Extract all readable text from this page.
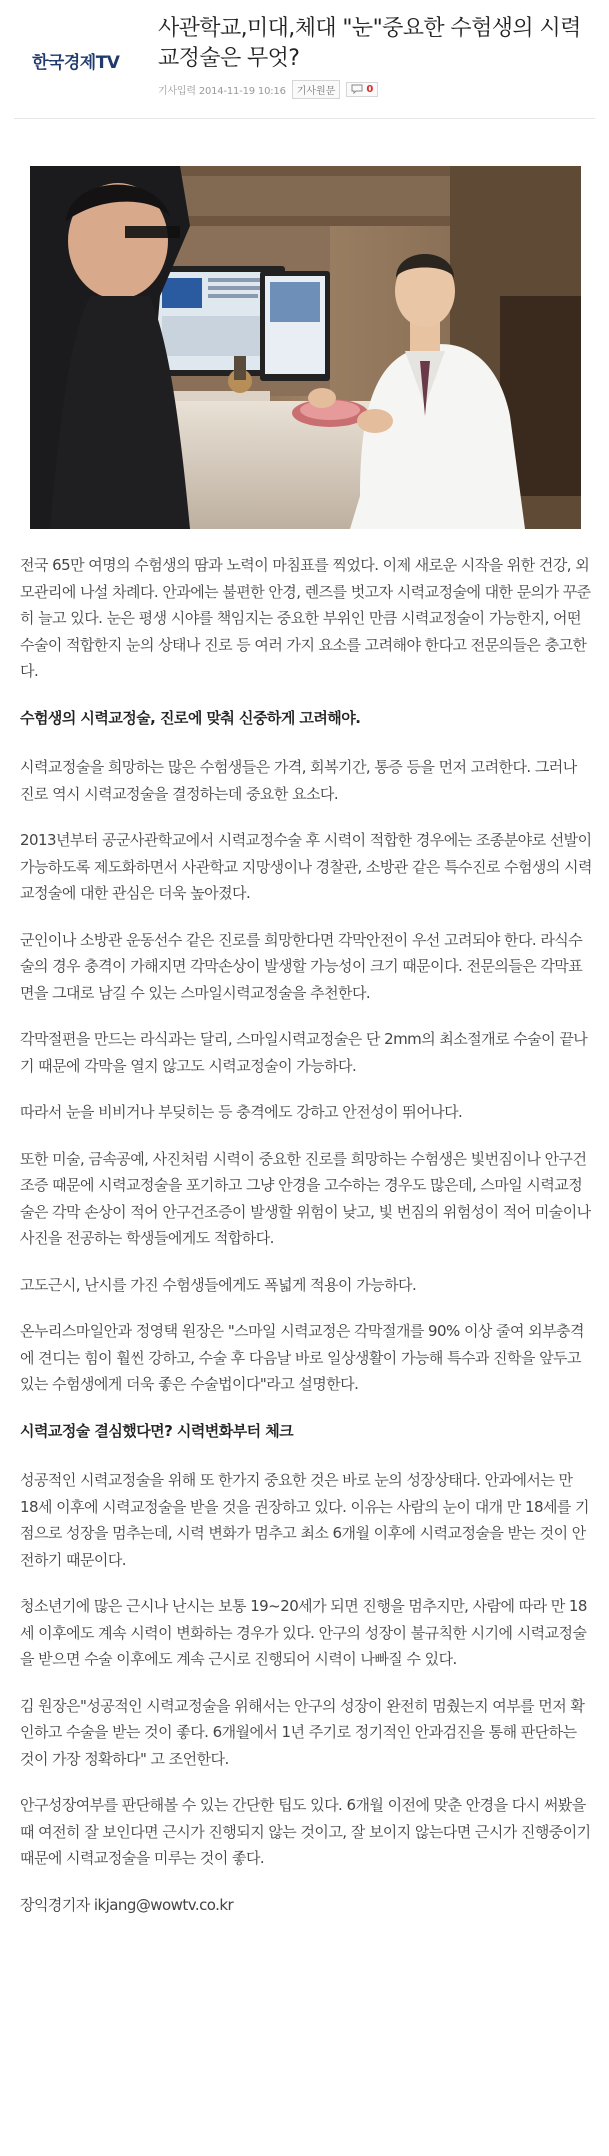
한국경제TV
사관학교,미대,체대 "눈"중요한 수험생의 시력교정술은 무엇?
기사입력 2014-11-19 10:16	기사원문	0

전국 65만 여명의 수험생의 땀과 노력이 마침표를 찍었다. 이제 새로운 시작을 위한 건강, 외모관리에 나설 차례다. 안과에는 불편한 안경, 렌즈를 벗고자 시력교정술에 대한 문의가 꾸준히 늘고 있다. 눈은 평생 시야를 책임지는 중요한 부위인 만큼 시력교정술이 가능한지, 어떤 수술이 적합한지 눈의 상태나 진로 등 여러 가지 요소를 고려해야 한다고 전문의들은 충고한다.

수험생의 시력교정술, 진로에 맞춰 신중하게 고려해야.

시력교정술을 희망하는 많은 수험생들은 가격, 회복기간, 통증 등을 먼저 고려한다. 그러나 진로 역시 시력교정술을 결정하는데 중요한 요소다.

2013년부터 공군사관학교에서 시력교정수술 후 시력이 적합한 경우에는 조종분야로 선발이 가능하도록 제도화하면서 사관학교 지망생이나 경찰관, 소방관 같은 특수진로 수험생의 시력교정술에 대한 관심은 더욱 높아졌다.

군인이나 소방관 운동선수 같은 진로를 희망한다면 각막안전이 우선 고려되야 한다. 라식수술의 경우 충격이 가해지면 각막손상이 발생할 가능성이 크기 때문이다. 전문의들은 각막표면을 그대로 남길 수 있는 스마일시력교정술을 추천한다.

각막절편을 만드는 라식과는 달리, 스마일시력교정술은 단 2mm의 최소절개로 수술이 끝나기 때문에 각막을 열지 않고도 시력교정술이 가능하다.

따라서 눈을 비비거나 부딪히는 등 충격에도 강하고 안전성이 뛰어나다.

또한 미술, 금속공예, 사진처럼 시력이 중요한 진로를 희망하는 수험생은 빛번짐이나 안구건조증 때문에 시력교정술을 포기하고 그냥 안경을 고수하는 경우도 많은데, 스마일 시력교정술은 각막 손상이 적어 안구건조증이 발생할 위험이 낮고, 빛 번짐의 위험성이 적어 미술이나 사진을 전공하는 학생들에게도 적합하다.

고도근시, 난시를 가진 수험생들에게도 폭넓게 적용이 가능하다.

온누리스마일안과 정영택 원장은 "스마일 시력교정은 각막절개를 90% 이상 줄여 외부충격에 견디는 힘이 훨씬 강하고, 수술 후 다음날 바로 일상생활이 가능해 특수과 진학을 앞두고 있는 수험생에게 더욱 좋은 수술법이다"라고 설명한다.

시력교정술 결심했다면? 시력변화부터 체크

성공적인 시력교정술을 위해 또 한가지 중요한 것은 바로 눈의 성장상태다. 안과에서는 만 18세 이후에 시력교정술을 받을 것을 권장하고 있다. 이유는 사람의 눈이 대개 만 18세를 기점으로 성장을 멈추는데, 시력 변화가 멈추고 최소 6개월 이후에 시력교정술을 받는 것이 안전하기 때문이다.

청소년기에 많은 근시나 난시는 보통 19~20세가 되면 진행을 멈추지만, 사람에 따라 만 18세 이후에도 계속 시력이 변화하는 경우가 있다. 안구의 성장이 불규칙한 시기에 시력교정술을 받으면 수술 이후에도 계속 근시로 진행되어 시력이 나빠질 수 있다.

김 원장은"성공적인 시력교정술을 위해서는 안구의 성장이 완전히 멈췄는지 여부를 먼저 확인하고 수술을 받는 것이 좋다. 6개월에서 1년 주기로 정기적인 안과검진을 통해 판단하는 것이 가장 정확하다" 고 조언한다.

안구성장여부를 판단해볼 수 있는 간단한 팁도 있다. 6개월 이전에 맞춘 안경을 다시 써봤을 때 여전히 잘 보인다면 근시가 진행되지 않는 것이고, 잘 보이지 않는다면 근시가 진행중이기 때문에 시력교정술을 미루는 것이 좋다.

장익경기자 ikjang@wowtv.co.kr
